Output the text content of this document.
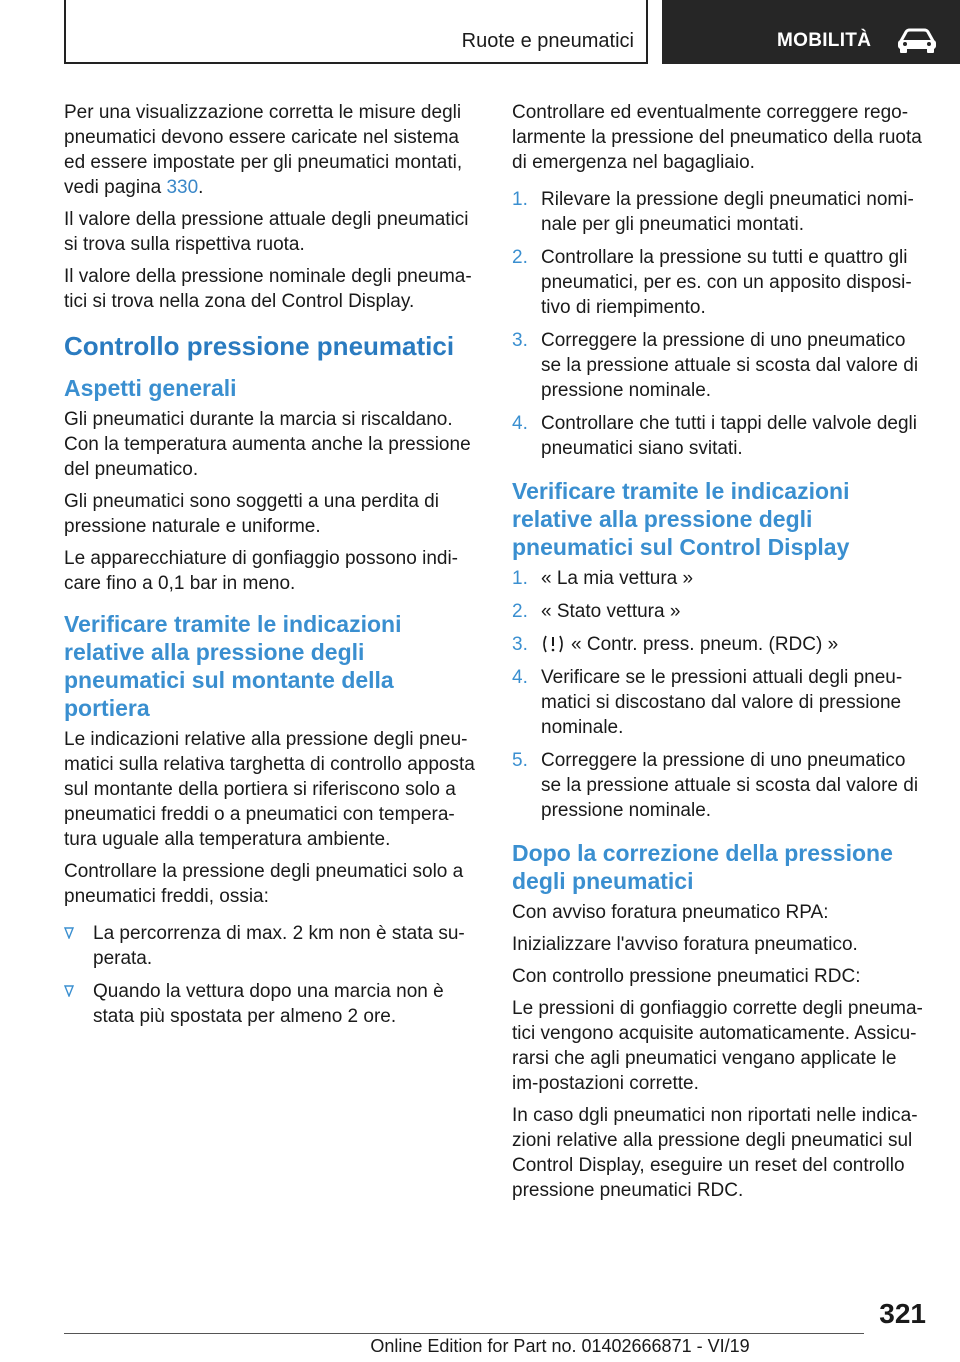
Ruote e pneumatici	MOBILITÀ

Per una visualizzazione corretta le misure degli pneumatici devono essere caricate nel sistema ed essere impostate per gli pneumatici montati, vedi pagina 330.

Il valore della pressione attuale degli pneumatici si trova sulla rispettiva ruota.

Il valore della pressione nominale degli pneuma-tici si trova nella zona del Control Display.

Controllo pressione pneumatici
Aspetti generali

Gli pneumatici durante la marcia si riscaldano. Con la temperatura aumenta anche la pressione del pneumatico.

Gli pneumatici sono soggetti a una perdita di pressione naturale e uniforme.

Le apparecchiature di gonfiaggio possono indi-care fino a 0,1 bar in meno.

Verificare tramite le indicazioni relative alla pressione degli pneumatici sul montante della portiera

Le indicazioni relative alla pressione degli pneu-matici sulla relativa targhetta di controllo apposta sul montante della portiera si riferiscono solo a pneumatici freddi o a pneumatici con tempera-tura uguale alla temperatura ambiente.

Controllare la pressione degli pneumatici solo a pneumatici freddi, ossia:

La percorrenza di max. 2 km non è stata su-perata.
Quando la vettura dopo una marcia non è stata più spostata per almeno 2 ore.

Controllare ed eventualmente correggere rego-larmente la pressione del pneumatico della ruota di emergenza nel bagagliaio.

1. Rilevare la pressione degli pneumatici nomi-nale per gli pneumatici montati.
2. Controllare la pressione su tutti e quattro gli pneumatici, per es. con un apposito disposi-tivo di riempimento.
3. Correggere la pressione di uno pneumatico se la pressione attuale si scosta dal valore di pressione nominale.
4. Controllare che tutti i tappi delle valvole degli pneumatici siano svitati.
Verificare tramite le indicazioni relative alla pressione degli pneumatici sul Control Display
1. « La mia vettura »
2. « Stato vettura »
3. « Contr. press. pneum. (RDC) »
4. Verificare se le pressioni attuali degli pneu-matici si discostano dal valore di pressione nominale.
5. Correggere la pressione di uno pneumatico se la pressione attuale si scosta dal valore di pressione nominale.
Dopo la correzione della pressione degli pneumatici

Con avviso foratura pneumatico RPA:

Inizializzare l'avviso foratura pneumatico.

Con controllo pressione pneumatici RDC:

Le pressioni di gonfiaggio corrette degli pneuma-tici vengono acquisite automaticamente. Assicu-rarsi che agli pneumatici vengano applicate le im-postazioni corrette.

In caso dgli pneumatici non riportati nelle indica-zioni relative alla pressione degli pneumatici sul Control Display, eseguire un reset del controllo pressione pneumatici RDC.

321
Online Edition for Part no. 01402666871 - VI/19
